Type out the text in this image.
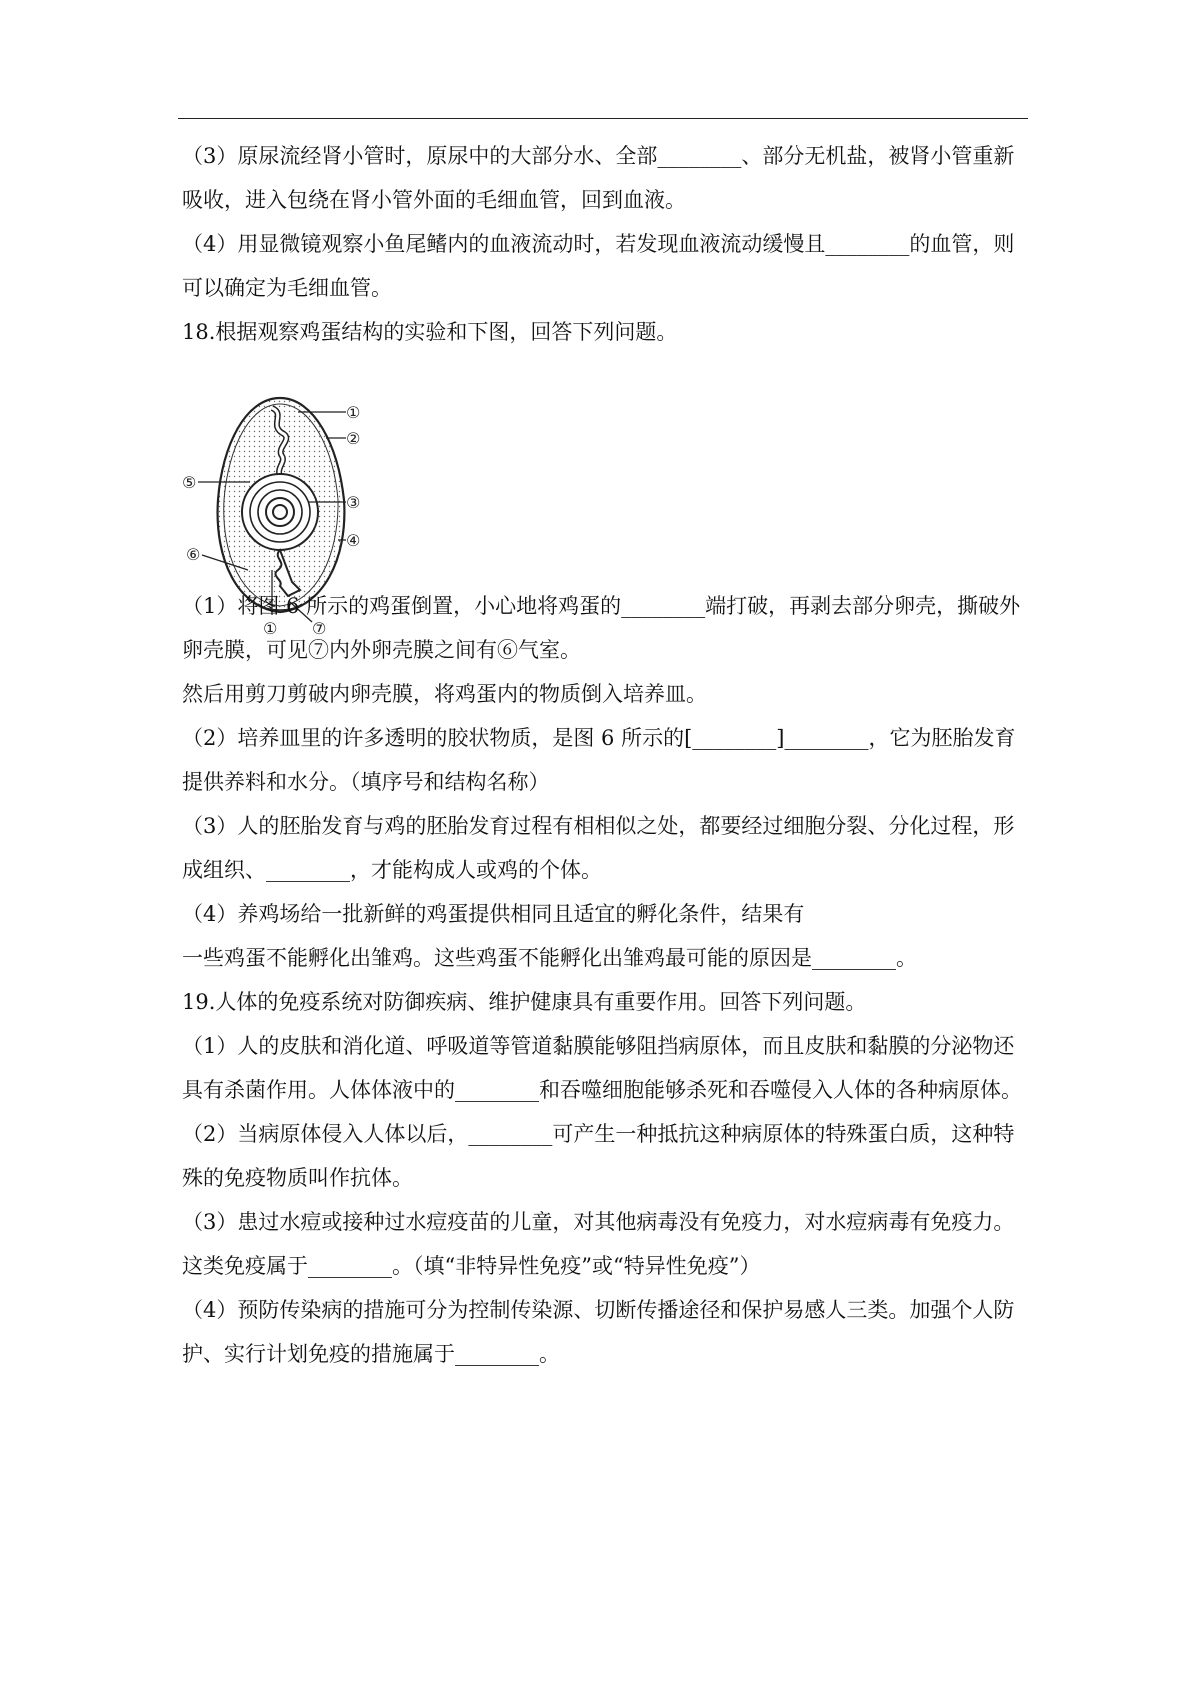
（3）原尿流经肾小管时，原尿中的大部分水、全部________、部分无机盐，被肾小管重新
吸收，进入包绕在肾小管外面的毛细血管，回到血液。
（4）用显微镜观察小鱼尾鳍内的血液流动时，若发现血液流动缓慢且________的血管，则
可以确定为毛细血管。
18.根据观察鸡蛋结构的实验和下图，回答下列问题。
①
②
③
④
⑤
⑥
⑦
①
（1）将图 6 所示的鸡蛋倒置，小心地将鸡蛋的________端打破，再剥去部分卵壳，撕破外
卵壳膜，可见⑦内外卵壳膜之间有⑥气室。
然后用剪刀剪破内卵壳膜，将鸡蛋内的物质倒入培养皿。
（2）培养皿里的许多透明的胶状物质，是图 6 所示的[________]________，它为胚胎发育
提供养料和水分。（填序号和结构名称）
（3）人的胚胎发育与鸡的胚胎发育过程有相相似之处，都要经过细胞分裂、分化过程，形
成组织、________，才能构成人或鸡的个体。
（4）养鸡场给一批新鲜的鸡蛋提供相同且适宜的孵化条件，结果有
一些鸡蛋不能孵化出雏鸡。这些鸡蛋不能孵化出雏鸡最可能的原因是________。
19.人体的免疫系统对防御疾病、维护健康具有重要作用。回答下列问题。
（1）人的皮肤和消化道、呼吸道等管道黏膜能够阻挡病原体，而且皮肤和黏膜的分泌物还
具有杀菌作用。人体体液中的________和吞噬细胞能够杀死和吞噬侵入人体的各种病原体。
（2）当病原体侵入人体以后，________可产生一种抵抗这种病原体的特殊蛋白质，这种特
殊的免疫物质叫作抗体。
（3）患过水痘或接种过水痘疫苗的儿童，对其他病毒没有免疫力，对水痘病毒有免疫力。
这类免疫属于________。（填“非特异性免疫”或“特异性免疫”）
（4）预防传染病的措施可分为控制传染源、切断传播途径和保护易感人三类。加强个人防
护、实行计划免疫的措施属于________。
